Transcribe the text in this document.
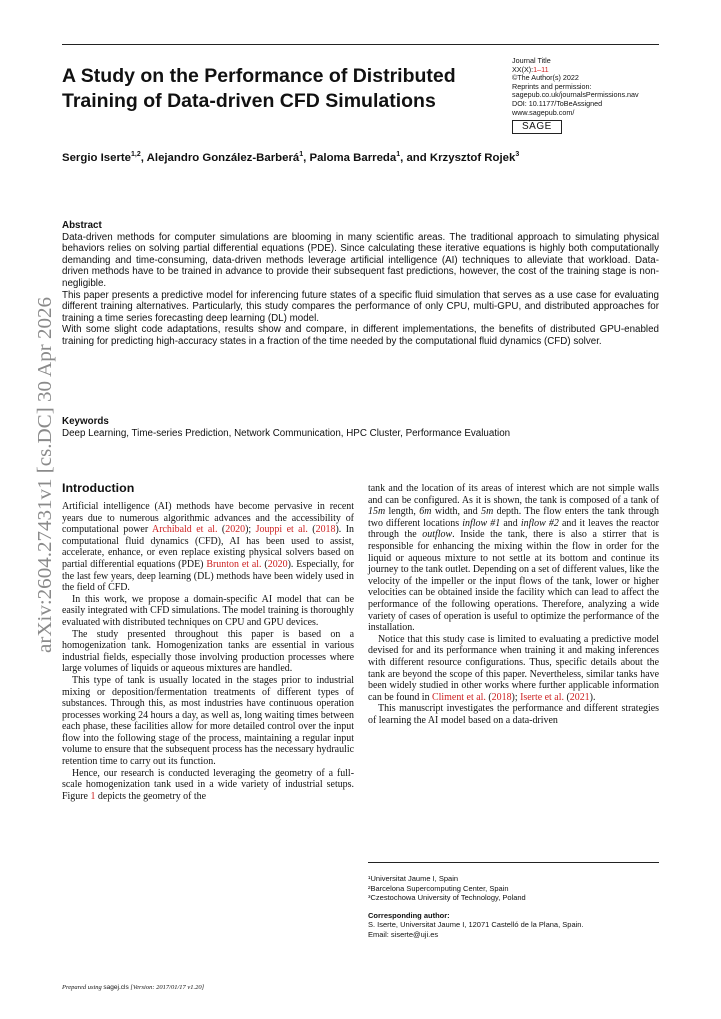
arXiv:2604.27431v1 [cs.DC] 30 Apr 2026
A Study on the Performance of Distributed Training of Data-driven CFD Simulations
Journal Title
XX(X):1–11
©The Author(s) 2022
Reprints and permission:
sagepub.co.uk/journalsPermissions.nav
DOI: 10.1177/ToBeAssigned
www.sagepub.com/
SAGE
Sergio Iserte$^{1,2}$, Alejandro González-Barberá$^1$, Paloma Barreda$^1$, and Krzysztof Rojek$^3$
Abstract

Data-driven methods for computer simulations are blooming in many scientific areas. The traditional approach to simulating physical behaviors relies on solving partial differential equations (PDE). Since calculating these iterative equations is highly both computationally demanding and time-consuming, data-driven methods leverage artificial intelligence (AI) techniques to alleviate that workload. Data-driven methods have to be trained in advance to provide their subsequent fast predictions, however, the cost of the training stage is non-negligible.

This paper presents a predictive model for inferencing future states of a specific fluid simulation that serves as a use case for evaluating different training alternatives. Particularly, this study compares the performance of only CPU, multi-GPU, and distributed approaches for training a time series forecasting deep learning (DL) model.

With some slight code adaptations, results show and compare, in different implementations, the benefits of distributed GPU-enabled training for predicting high-accuracy states in a fraction of the time needed by the computational fluid dynamics (CFD) solver.

Keywords
Deep Learning, Time-series Prediction, Network Communication, HPC Cluster, Performance Evaluation
Introduction

Artificial intelligence (AI) methods have become pervasive in recent years due to numerous algorithmic advances and the accessibility of computational power Archibald et al. (2020); Jouppi et al. (2018). In computational fluid dynamics (CFD), AI has been used to assist, accelerate, enhance, or even replace existing physical solvers based on partial differential equations (PDE) Brunton et al. (2020). Especially, for the last few years, deep learning (DL) methods have been widely used in the field of CFD.

In this work, we propose a domain-specific AI model that can be easily integrated with CFD simulations. The model training is thoroughly evaluated with distributed techniques on CPU and GPU devices.

The study presented throughout this paper is based on a homogenization tank. Homogenization tanks are essential in various industrial fields, especially those involving production processes where large volumes of liquids or aqueous mixtures are handled.

This type of tank is usually located in the stages prior to industrial mixing or deposition/fermentation treatments of different types of substances. Through this, as most industries have continuous operation processes working 24 hours a day, as well as, long waiting times between each phase, these facilities allow for more detailed control over the input flow into the following stage of the process, maintaining a regular input volume to ensure that the subsequent process has the necessary hydraulic retention time to carry out its function.

Hence, our research is conducted leveraging the geometry of a full-scale homogenization tank used in a wide variety of industrial setups. Figure 1 depicts the geometry of the

tank and the location of its areas of interest which are not simple walls and can be configured. As it is shown, the tank is composed of a tank of 15m length, 6m width, and 5m depth. The flow enters the tank through two different locations inflow #1 and inflow #2 and it leaves the reactor through the outflow. Inside the tank, there is also a stirrer that is responsible for enhancing the mixing within the flow in order for the liquid or aqueous mixture to not settle at its bottom and continue its journey to the tank outlet. Depending on a set of different values, like the velocity of the impeller or the input flows of the tank, lower or higher velocities can be obtained inside the facility which can lead to affect the performance of the following operations. Therefore, analyzing a wide variety of cases of operation is useful to optimize the performance of the installation.

Notice that this study case is limited to evaluating a predictive model devised for and its performance when training it and making inferences with different resource configurations. Thus, specific details about the tank are beyond the scope of this paper. Nevertheless, similar tanks have been widely studied in other works where further applicable information can be found in Climent et al. (2018); Iserte et al. (2021).

This manuscript investigates the performance and different strategies of learning the AI model based on a data-driven

¹Universitat Jaume I, Spain
²Barcelona Supercomputing Center, Spain
³Czestochowa University of Technology, Poland
Corresponding author:
S. Iserte, Universitat Jaume I, 12071 Castelló de la Plana, Spain.
Email: siserte@uji.es
Prepared using sagej.cls [Version: 2017/01/17 v1.20]
